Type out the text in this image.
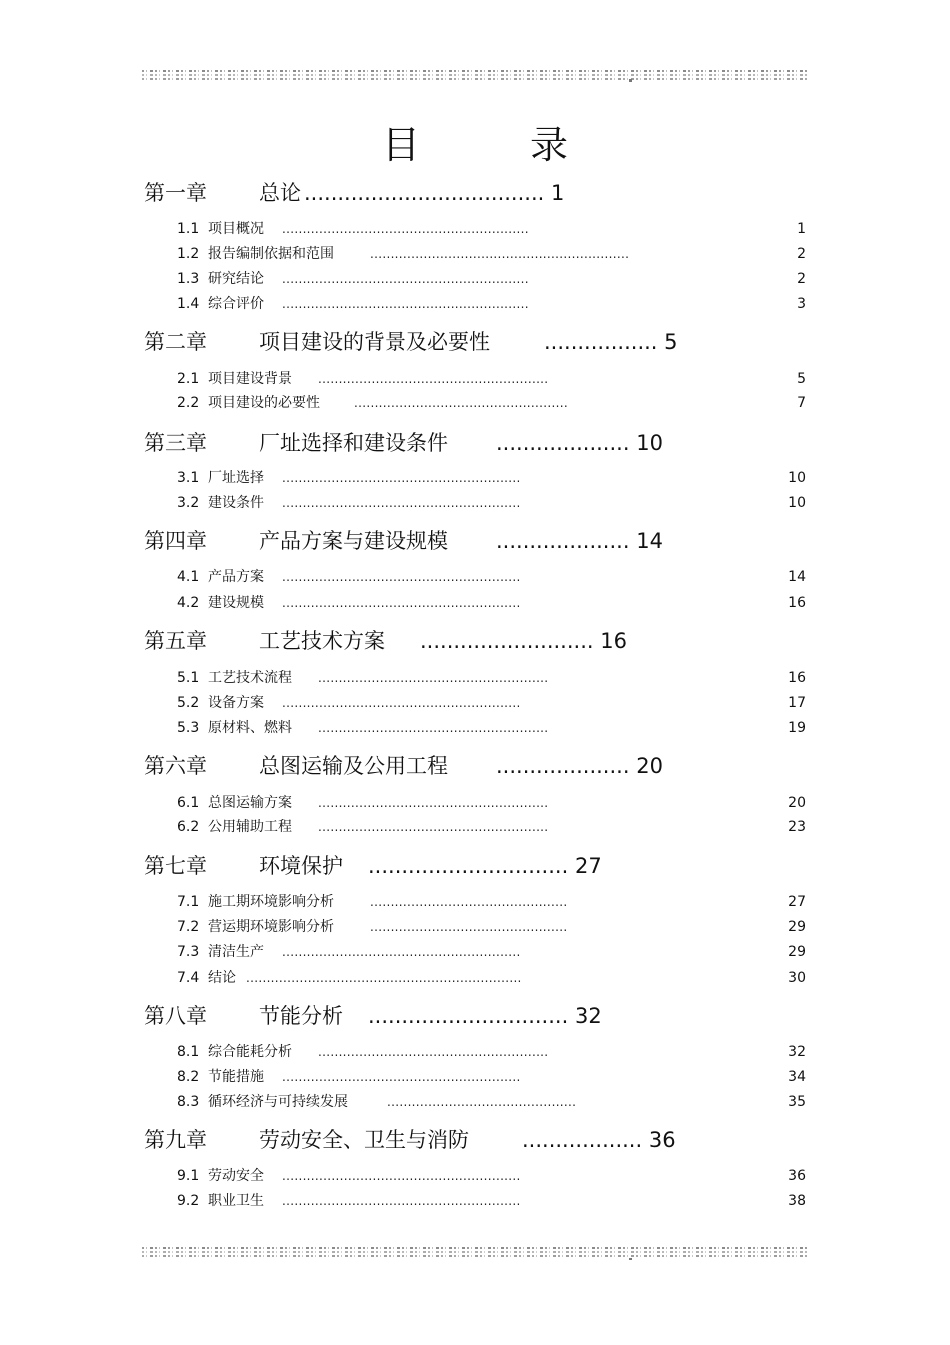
目　录
第一章 总论 .................................... 1
1.1 项目概况 ............................................................	1
1.2 报告编制依据和范围	...............................................................	2
1.3 研究结论 ............................................................	2
1.4 综合评价 ............................................................	3
第二章 项目建设的背景及必要性	................. 5
2.1 项目建设背景 ........................................................	5
2.2 项目建设的必要性	....................................................	7
第三章 厂址选择和建设条件 .................... 10
3.1 厂址选择 ..........................................................	10
3.2 建设条件 ..........................................................	10
第四章 产品方案与建设规模 .................... 14
4.1 产品方案 ..........................................................	14
4.2 建设规模 ..........................................................	16
第五章 工艺技术方案 .......................... 16
5.1 工艺技术流程 ........................................................	16
5.2 设备方案 ..........................................................	17
5.3 原材料、燃料 ........................................................	19
第六章 总图运输及公用工程 .................... 20
6.1 总图运输方案 ........................................................	20
6.2 公用辅助工程 ........................................................	23
第七章 环境保护 .............................. 27
7.1 施工期环境影响分析	................................................	27
7.2 营运期环境影响分析	................................................	29
7.3 清洁生产 ..........................................................	29
7.4 结论 ...................................................................	30
第八章 节能分析 .............................. 32
8.1 综合能耗分析 ........................................................	32
8.2 节能措施 ..........................................................	34
8.3 循环经济与可持续发展	..............................................	35
第九章 劳动安全、卫生与消防	.................. 36
9.1 劳动安全 ..........................................................	36
9.2 职业卫生 ..........................................................	38
